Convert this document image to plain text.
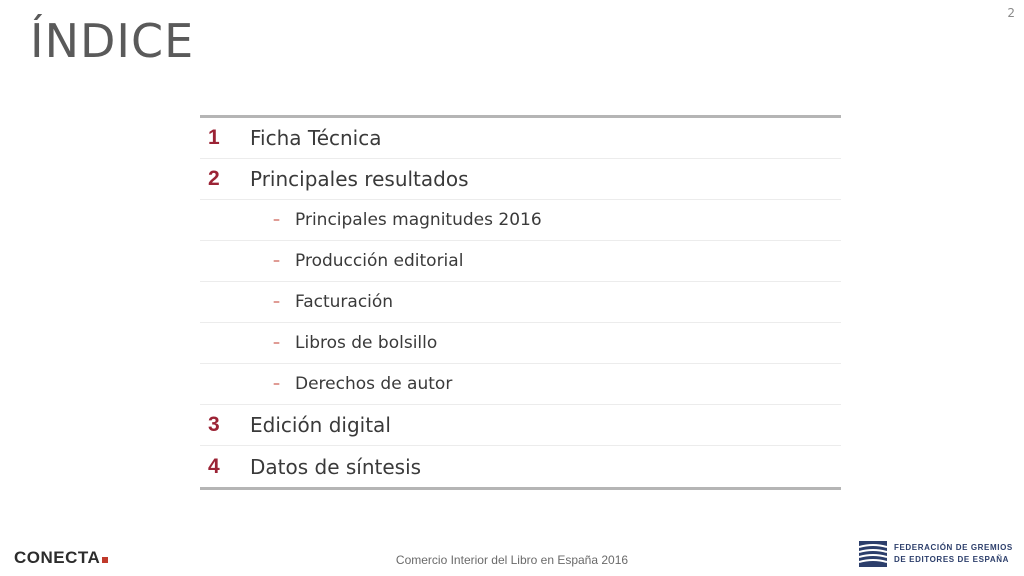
ÍNDICE
2
1	Ficha Técnica
2	Principales resultados
– Principales magnitudes 2016
– Producción editorial
– Facturación
– Libros de bolsillo
– Derechos de autor
3	Edición digital
4	Datos de síntesis
CONECTA	Comercio Interior del Libro en España 2016
FEDERACIÓN DE GREMIOS
DE EDITORES DE ESPAÑA
